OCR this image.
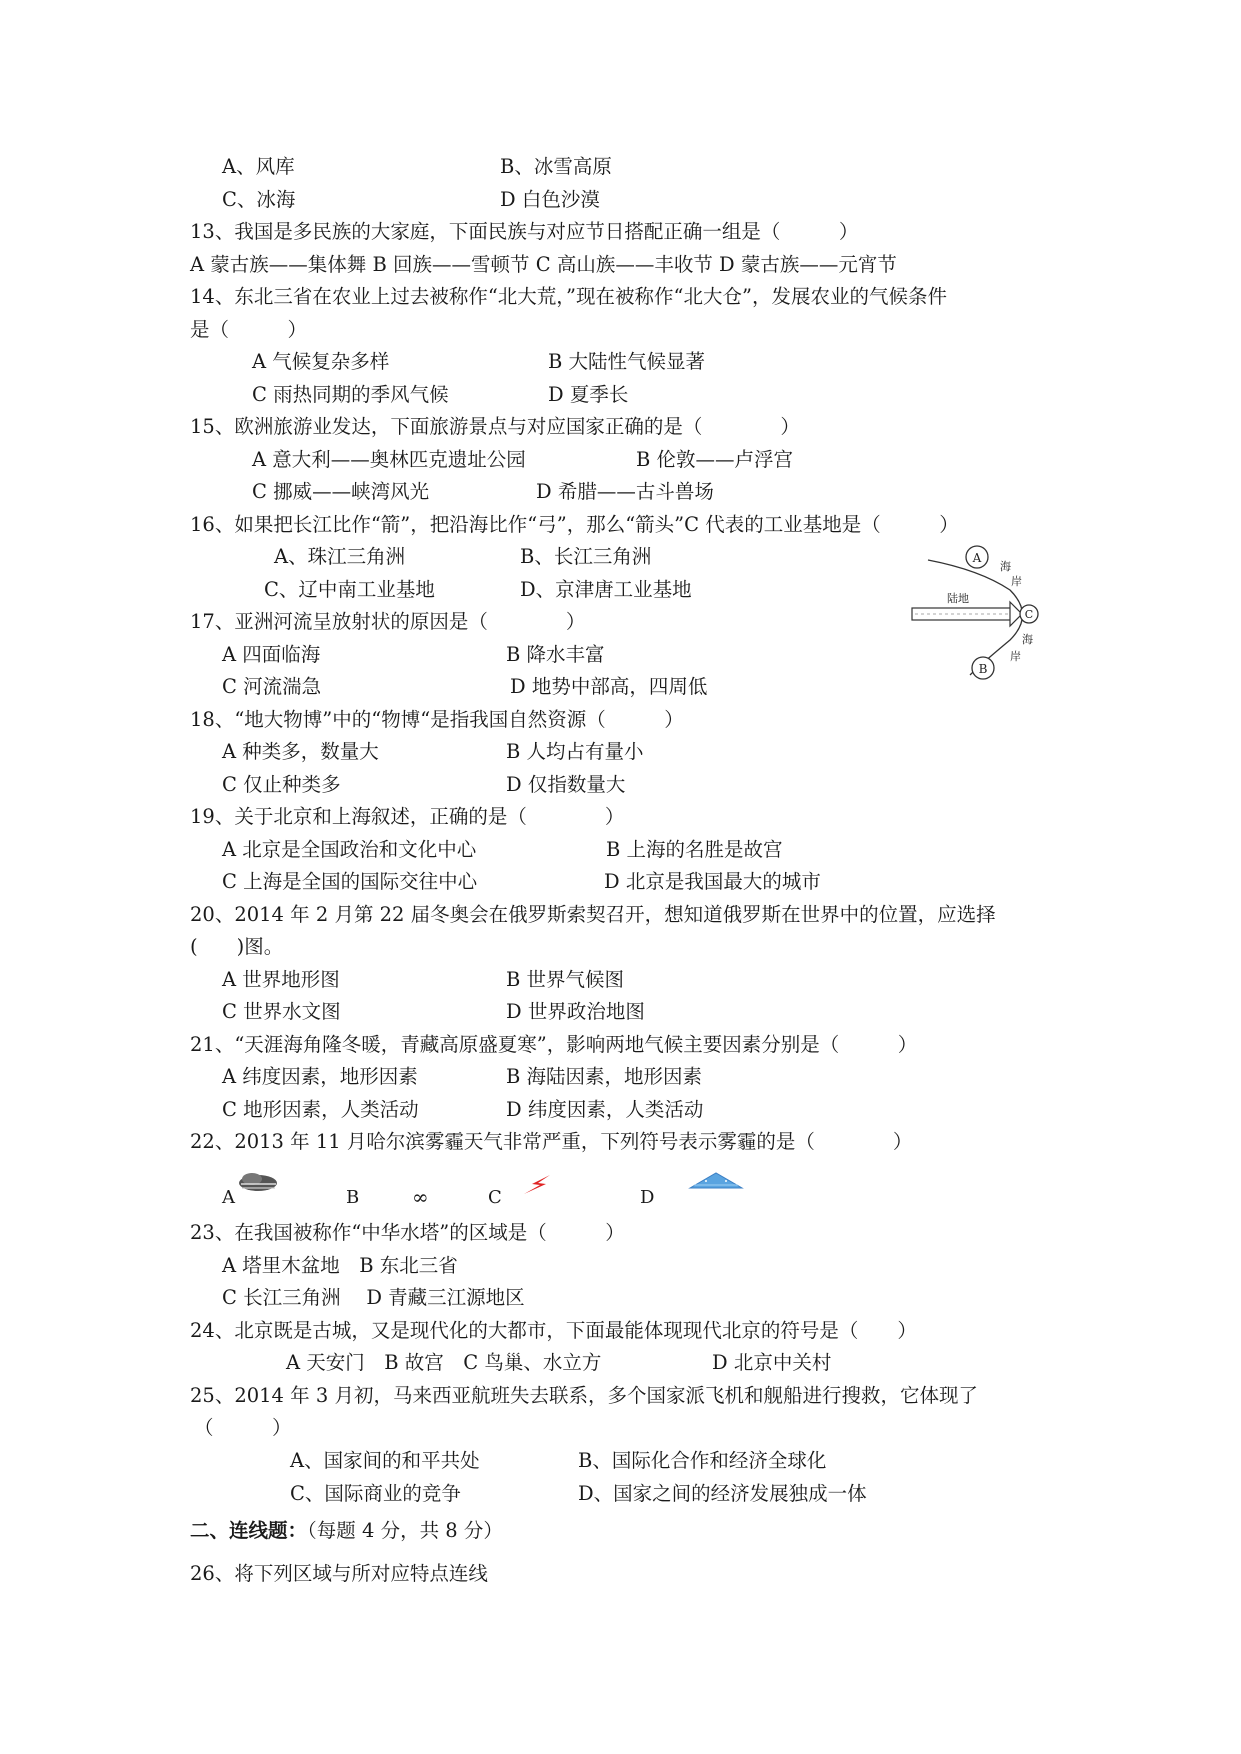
A、风库	B、冰雪高原
C、冰海	D 白色沙漠
13、我国是多民族的大家庭，下面民族与对应节日搭配正确一组是（　　　）
A 蒙古族——集体舞 B 回族——雪顿节 C 高山族——丰收节 D 蒙古族——元宵节
14、东北三省在农业上过去被称作“北大荒，”现在被称作“北大仓”，发展农业的气候条件
是（　　　）
A 气候复杂多样	B 大陆性气候显著
C 雨热同期的季风气候	D 夏季长
15、欧洲旅游业发达，下面旅游景点与对应国家正确的是（　　　　）
A 意大利——奥林匹克遗址公园	B 伦敦——卢浮宫
C 挪威——峡湾风光	D 希腊——古斗兽场
16、如果把长江比作“箭”，把沿海比作“弓”，那么“箭头”C 代表的工业基地是（　　　）
A、珠江三角洲	B、长江三角洲
C、辽中南工业基地	D、京津唐工业基地
A
B
C
陆地
海
岸
海
岸
17、亚洲河流呈放射状的原因是（　　　　）
A 四面临海	B 降水丰富
C 河流湍急	D 地势中部高，四周低
18、“地大物博”中的“物博“是指我国自然资源（　　　）
A 种类多，数量大	B 人均占有量小
C 仅止种类多	D 仅指数量大
19、关于北京和上海叙述，正确的是（　　　　）
A 北京是全国政治和文化中心	B 上海的名胜是故宫
C 上海是全国的国际交往中心	D 北京是我国最大的城市
20、2014 年 2 月第 22 届冬奥会在俄罗斯索契召开，想知道俄罗斯在世界中的位置，应选择
(　　)图。
A 世界地形图	B 世界气候图
C 世界水文图	D 世界政治地图
21、“天涯海角隆冬暖，青藏高原盛夏寒”，影响两地气候主要因素分别是（　　　）
A 纬度因素，地形因素	B 海陆因素，地形因素
C 地形因素，人类活动	D 纬度因素，人类活动
22、2013 年 11 月哈尔滨雾霾天气非常严重，下列符号表示雾霾的是（　　　　）
A	B	∞	C	D
23、在我国被称作“中华水塔”的区域是（　　　）
A 塔里木盆地　B 东北三省
C 长江三角洲　 D 青藏三江源地区
24、北京既是古城，又是现代化的大都市，下面最能体现现代北京的符号是（　　）
A 天安门　B 故宫　C 鸟巢、水立方	D 北京中关村
25、2014 年 3 月初，马来西亚航班失去联系，多个国家派飞机和舰船进行搜救，它体现了
（　　　）
A、国家间的和平共处	B、国际化合作和经济全球化
C、国际商业的竞争	D、国家之间的经济发展独成一体
二、连线题：（每题 4 分，共 8 分）
26、将下列区域与所对应特点连线
